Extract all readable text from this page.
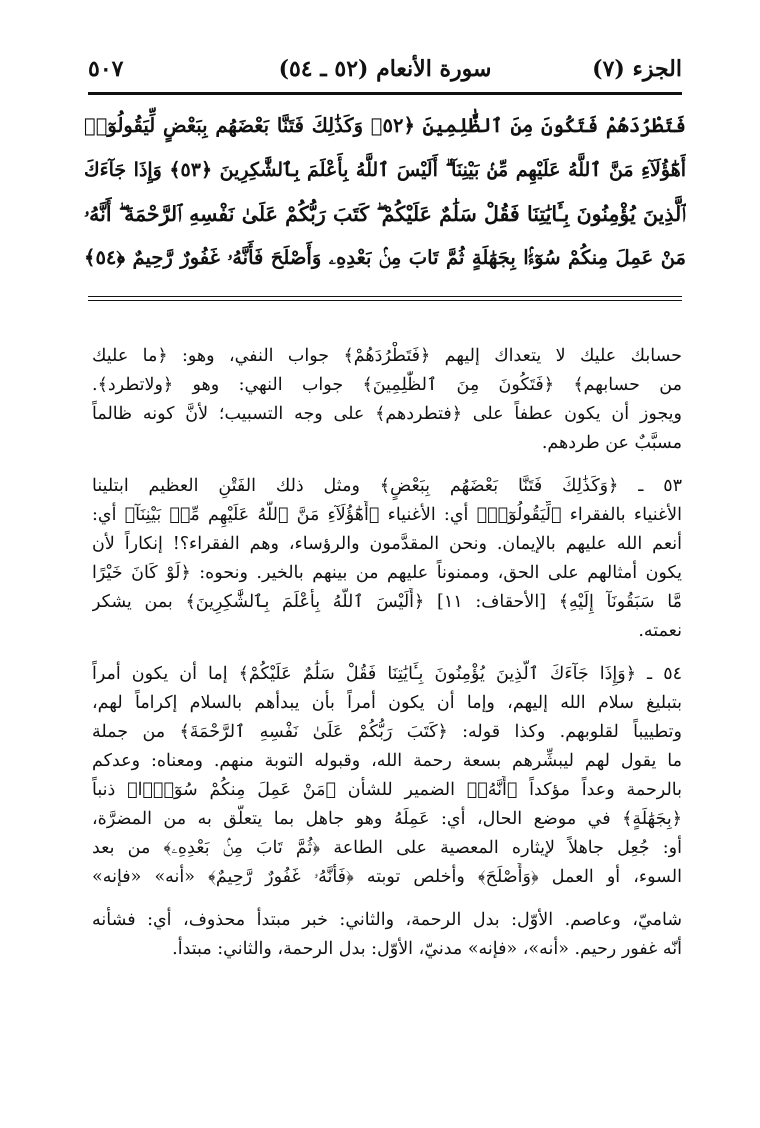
الجزء (٧)
سورة الأنعام (٥٢ ـ ٥٤)
٥٠٧
فَتَطْرُدَهُمْ فَتَكُونَ مِنَ ٱلظَّٰلِمِينَ ﴿٥٢﴾ وَكَذَٰلِكَ فَتَنَّا بَعْضَهُم بِبَعْضٍ لِّيَقُولُوٓا۟
أَهَٰٓؤُلَآءِ مَنَّ ٱللَّهُ عَلَيْهِم مِّنۢ بَيْنِنَآ ۗ أَلَيْسَ ٱللَّهُ بِأَعْلَمَ بِٱلشَّٰكِرِينَ ﴿٥٣﴾ وَإِذَا جَآءَكَ
ٱلَّذِينَ يُؤْمِنُونَ بِـَٔايَٰتِنَا فَقُلْ سَلَٰمٌ عَلَيْكُمْ ۖ كَتَبَ رَبُّكُمْ عَلَىٰ نَفْسِهِ ٱلرَّحْمَةَ ۖ أَنَّهُۥ
مَنْ عَمِلَ مِنكُمْ سُوٓءًۢا بِجَهَٰلَةٍ ثُمَّ تَابَ مِنۢ بَعْدِهِۦ وَأَصْلَحَ فَأَنَّهُۥ غَفُورٌ رَّحِيمٌ ﴿٥٤﴾
حسابك عليك لا يتعداك إليهم ﴿فَتَطْرُدَهُمْ﴾ جواب النفي، وهو: ﴿ما عليك
من حسابهم﴾ ﴿فَتَكُونَ مِنَ ٱلظَّٰلِمِينَ﴾ جواب النهي: وهو ﴿ولاتطرد﴾.
ويجوز أن يكون عطفاً على ﴿فتطردهم﴾ على وجه التسبيب؛ لأنَّ كونه ظالماً
مسبَّبٌ عن طردهم.
٥٣ ـ ﴿وَكَذَٰلِكَ فَتَنَّا بَعْضَهُم بِبَعْضٍ﴾ ومثل ذلك الفَتْنِ العظيم ابتلينا
الأغنياء بالفقراء ﴿لِّيَقُولُوٓا۟﴾ أي: الأغنياء ﴿أَهَٰٓؤُلَآءِ مَنَّ ٱللَّهُ عَلَيْهِم مِّنۢ بَيْنِنَآ﴾ أي:
أنعم الله عليهم بالإيمان. ونحن المقدَّمون والرؤساء، وهم الفقراء؟! إنكاراً لأن
يكون أمثالهم على الحق، وممنوناً عليهم من بينهم بالخير. ونحوه: ﴿لَوْ كَانَ خَيْرًا
مَّا سَبَقُونَآ إِلَيْهِ﴾ [الأحقاف: ١١] ﴿أَلَيْسَ ٱللَّهُ بِأَعْلَمَ بِٱلشَّٰكِرِينَ﴾ بمن يشكر
نعمته.
٥٤ ـ ﴿وَإِذَا جَآءَكَ ٱلَّذِينَ يُؤْمِنُونَ بِـَٔايَٰتِنَا فَقُلْ سَلَٰمٌ عَلَيْكُمْ﴾ إما أن يكون أمراً
بتبليغ سلام الله إليهم، وإما أن يكون أمراً بأن يبدأهم بالسلام إكراماً لهم،
وتطييباً لقلوبهم. وكذا قوله: ﴿كَتَبَ رَبُّكُمْ عَلَىٰ نَفْسِهِ ٱلرَّحْمَةَ﴾ من جملة
ما يقول لهم ليبشِّرهم بسعة رحمة الله، وقبوله التوبة منهم. ومعناه: وعدكم
بالرحمة وعداً مؤكداً ﴿أَنَّهُۥ﴾ الضمير للشأن ﴿مَنْ عَمِلَ مِنكُمْ سُوٓءًۢا﴾ ذنباً
﴿بِجَهَٰلَةٍ﴾ في موضع الحال، أي: عَمِلَهُ وهو جاهل بما يتعلَّق به من المضرَّة،
أو: جُعِل جاهلاً لإيثاره المعصية على الطاعة ﴿ثُمَّ تَابَ مِنۢ بَعْدِهِۦ﴾ من بعد
السوء، أو العمل ﴿وَأَصْلَحَ﴾ وأخلص توبته ﴿فَأَنَّهُۥ غَفُورٌ رَّحِيمٌ﴾ «أنه» «فإنه»
شاميّ، وعاصم. الأوّل: بدل الرحمة، والثاني: خبر مبتدأ محذوف، أي: فشأنه
أنّه غفور رحيم. «أنه»، «فإنه» مدنيّ، الأوّل: بدل الرحمة، والثاني: مبتدأ.
